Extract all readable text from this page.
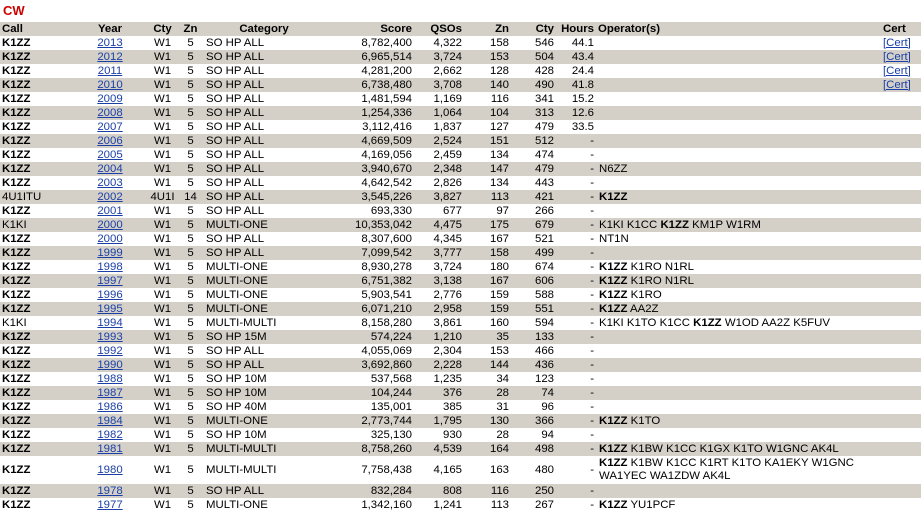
CW
Call	Year	Cty	Zn	Category	Score	QSOs	Zn	Cty	Hours	Operator(s)	Cert
K1ZZ	2013	W1	5	SO HP ALL	8,782,400	4,322	158	546	44.1		[Cert]
K1ZZ	2012	W1	5	SO HP ALL	6,965,514	3,724	153	504	43.4		[Cert]
K1ZZ	2011	W1	5	SO HP ALL	4,281,200	2,662	128	428	24.4		[Cert]
K1ZZ	2010	W1	5	SO HP ALL	6,738,480	3,708	140	490	41.8		[Cert]
K1ZZ	2009	W1	5	SO HP ALL	1,481,594	1,169	116	341	15.2		
K1ZZ	2008	W1	5	SO HP ALL	1,254,336	1,064	104	313	12.6		
K1ZZ	2007	W1	5	SO HP ALL	3,112,416	1,837	127	479	33.5		
K1ZZ	2006	W1	5	SO HP ALL	4,669,509	2,524	151	512	-		
K1ZZ	2005	W1	5	SO HP ALL	4,169,056	2,459	134	474	-		
K1ZZ	2004	W1	5	SO HP ALL	3,940,670	2,348	147	479	-	N6ZZ	
K1ZZ	2003	W1	5	SO HP ALL	4,642,542	2,826	134	443	-		
4U1ITU	2002	4U1I	14	SO HP ALL	3,545,226	3,827	113	421	-	K1ZZ	
K1ZZ	2001	W1	5	SO HP ALL	693,330	677	97	266	-		
K1KI	2000	W1	5	MULTI-ONE	10,353,042	4,475	175	679	-	K1KI K1CC K1ZZ KM1P W1RM	
K1ZZ	2000	W1	5	SO HP ALL	8,307,600	4,345	167	521	-	NT1N	
K1ZZ	1999	W1	5	SO HP ALL	7,099,542	3,777	158	499	-		
K1ZZ	1998	W1	5	MULTI-ONE	8,930,278	3,724	180	674	-	K1ZZ K1RO N1RL	
K1ZZ	1997	W1	5	MULTI-ONE	6,751,382	3,138	167	606	-	K1ZZ K1RO N1RL	
K1ZZ	1996	W1	5	MULTI-ONE	5,903,541	2,776	159	588	-	K1ZZ K1RO	
K1ZZ	1995	W1	5	MULTI-ONE	6,071,210	2,958	159	551	-	K1ZZ AA2Z	
K1KI	1994	W1	5	MULTI-MULTI	8,158,280	3,861	160	594	-	K1KI K1TO K1CC K1ZZ W1OD AA2Z K5FUV	
K1ZZ	1993	W1	5	SO HP 15M	574,224	1,210	35	133	-		
K1ZZ	1992	W1	5	SO HP ALL	4,055,069	2,304	153	466	-		
K1ZZ	1990	W1	5	SO HP ALL	3,692,860	2,228	144	436	-		
K1ZZ	1988	W1	5	SO HP 10M	537,568	1,235	34	123	-		
K1ZZ	1987	W1	5	SO HP 10M	104,244	376	28	74	-		
K1ZZ	1986	W1	5	SO HP 40M	135,001	385	31	96	-		
K1ZZ	1984	W1	5	MULTI-ONE	2,773,744	1,795	130	366	-	K1ZZ K1TO	
K1ZZ	1982	W1	5	SO HP 10M	325,130	930	28	94	-		
K1ZZ	1981	W1	5	MULTI-MULTI	8,758,260	4,539	164	498	-	K1ZZ K1BW K1CC K1GX K1TO W1GNC AK4L	
K1ZZ	1980	W1	5	MULTI-MULTI	7,758,438	4,165	163	480	-	K1ZZ K1BW K1CC K1RT K1TO KA1EKY W1GNC WA1YEC WA1ZDW AK4L	
K1ZZ	1978	W1	5	SO HP ALL	832,284	808	116	250	-		
K1ZZ	1977	W1	5	MULTI-ONE	1,342,160	1,241	113	267	-	K1ZZ YU1PCF	
